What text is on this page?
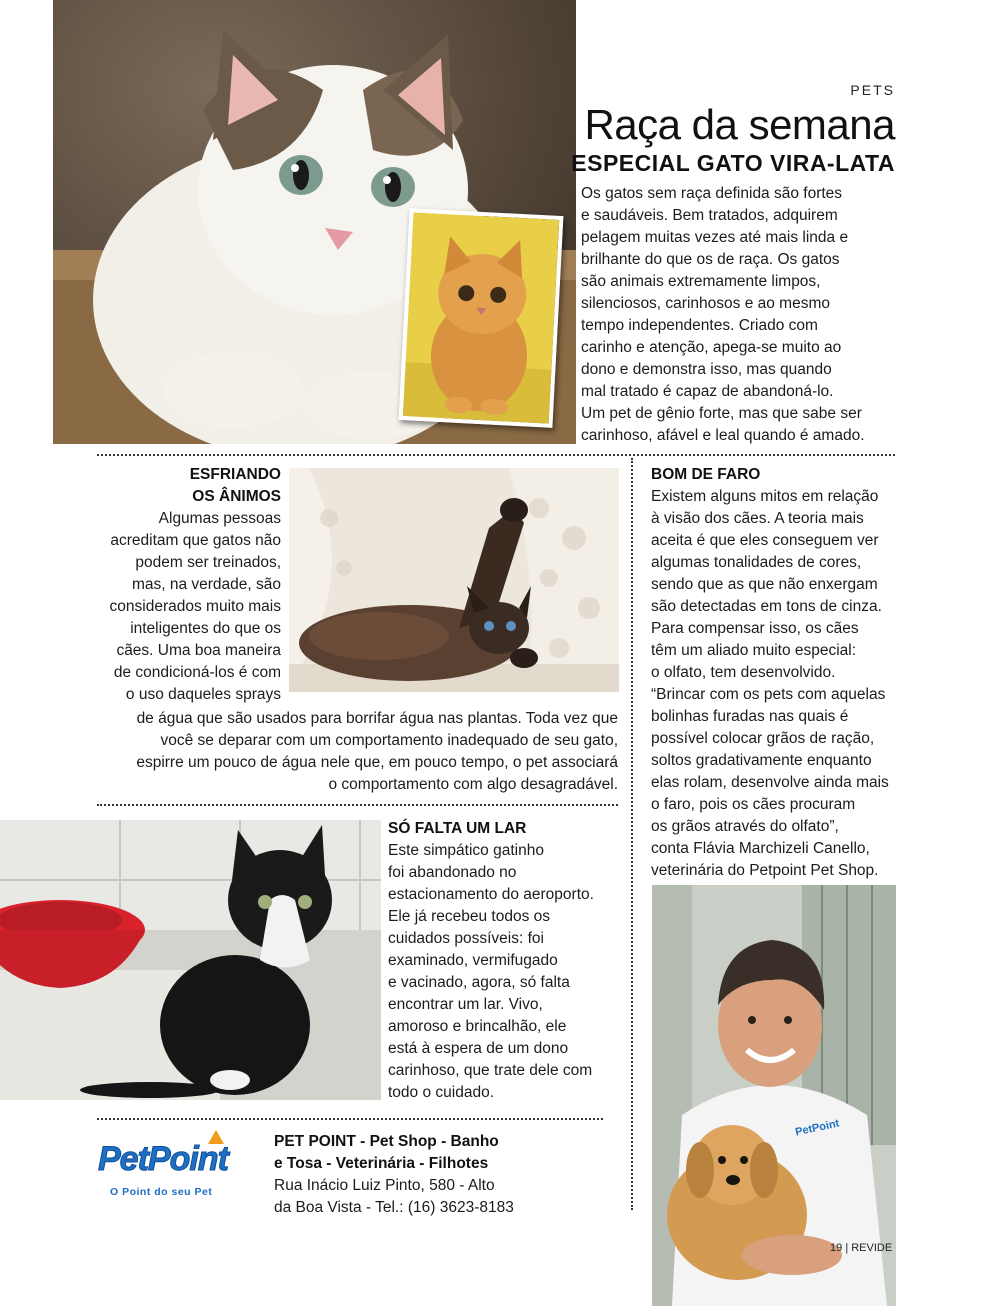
PETS
Raça da semana
ESPECIAL GATO VIRA-LATA
Os gatos sem raça definida são fortes
e saudáveis. Bem tratados, adquirem
pelagem muitas vezes até mais linda e
brilhante do que os de raça. Os gatos
são animais extremamente limpos,
silenciosos, carinhosos e ao mesmo
tempo independentes. Criado com
carinho e atenção, apega-se muito ao
dono e demonstra isso, mas quando
mal tratado é capaz de abandoná-lo.
Um pet de gênio forte, mas que sabe ser
carinhoso, afável e leal quando é amado.
ESFRIANDO
OS ÂNIMOS
Algumas pessoas
acreditam que gatos não
podem ser treinados,
mas, na verdade, são
considerados muito mais
inteligentes do que os
cães. Uma boa maneira
de condicioná-los é com
o uso daqueles sprays
de água que são usados para borrifar água nas plantas. Toda vez que
você se deparar com um comportamento inadequado de seu gato,
espirre um pouco de água nele que, em pouco tempo, o pet associará
o comportamento com algo desagradável.
BOM DE FARO
Existem alguns mitos em relação
à visão dos cães. A teoria mais
aceita é que eles conseguem ver
algumas tonalidades de cores,
sendo que as que não enxergam
são detectadas em tons de cinza.
Para compensar isso, os cães
têm um aliado muito especial:
o olfato, tem desenvolvido.
“Brincar com os pets com aquelas
bolinhas furadas nas quais é
possível colocar grãos de ração,
soltos gradativamente enquanto
elas rolam, desenvolve ainda mais
o faro, pois os cães procuram
os grãos através do olfato”,
conta Flávia Marchizeli Canello,
veterinária do Petpoint Pet Shop.
PetPoint
SÓ FALTA UM LAR
Este simpático gatinho
foi abandonado no
estacionamento do aeroporto.
Ele já recebeu todos os
cuidados possíveis: foi
examinado, vermifugado
e vacinado, agora, só falta
encontrar um lar. Vivo,
amoroso e brincalhão, ele
está à espera de um dono
carinhoso, que trate dele com
todo o cuidado.
PetPoint
O Point do seu Pet
PET POINT - Pet Shop - Banho
e Tosa - Veterinária - Filhotes
Rua Inácio Luiz Pinto, 580 - Alto
da Boa Vista - Tel.: (16) 3623-8183
19 | REVIDE
